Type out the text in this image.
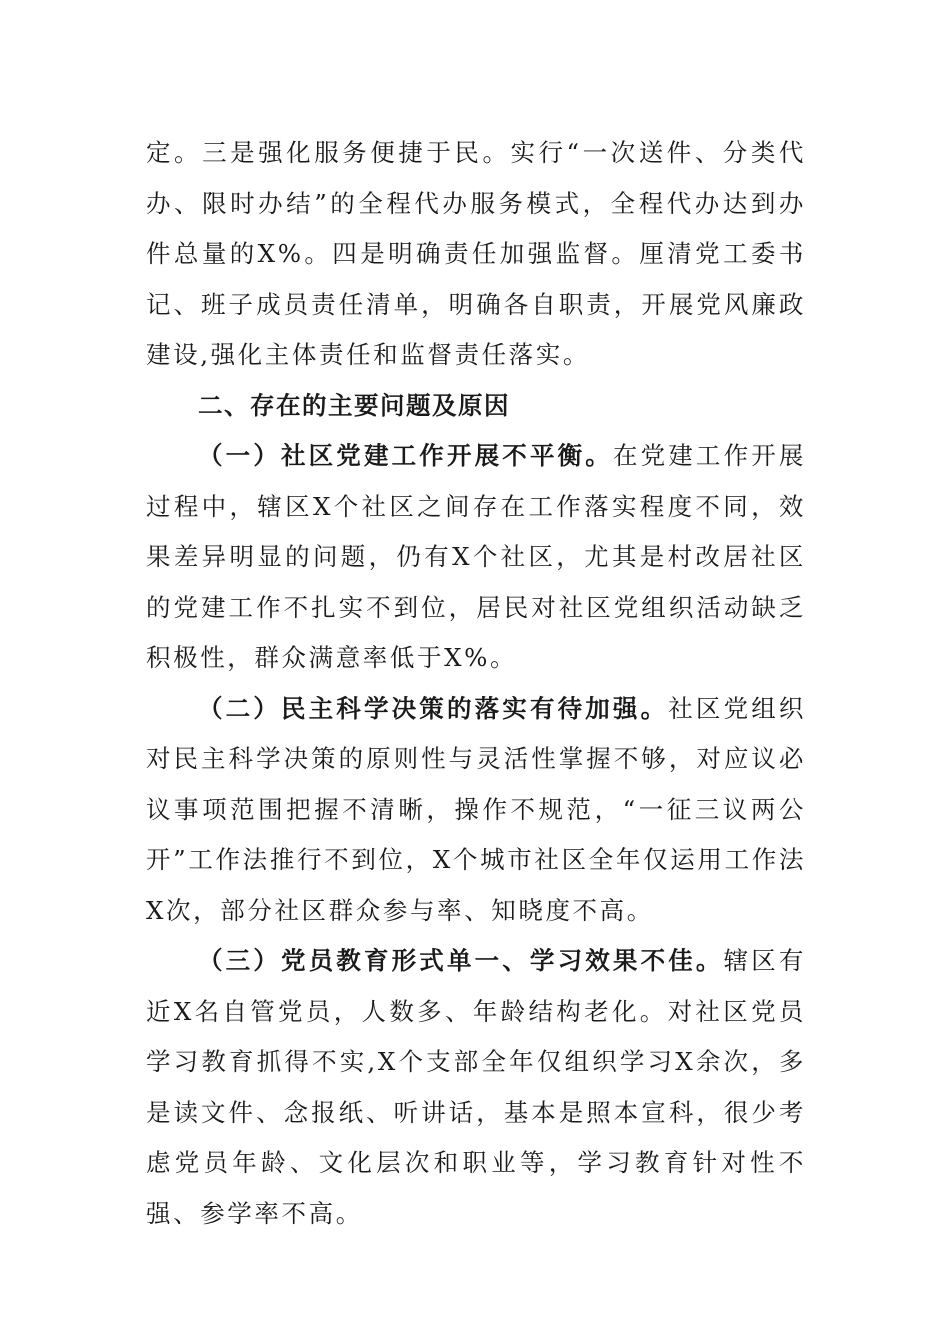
定。三是强化服务便捷于民。实行“一次送件、分类代办、限时办结”的全程代办服务模式，全程代办达到办件总量的X%。四是明确责任加强监督。厘清党工委书记、班子成员责任清单，明确各自职责，开展党风廉政建设,强化主体责任和监督责任落实。

二、存在的主要问题及原因

（一）社区党建工作开展不平衡。在党建工作开展过程中，辖区X个社区之间存在工作落实程度不同，效果差异明显的问题，仍有X个社区，尤其是村改居社区的党建工作不扎实不到位，居民对社区党组织活动缺乏积极性，群众满意率低于X%。

（二）民主科学决策的落实有待加强。社区党组织对民主科学决策的原则性与灵活性掌握不够，对应议必议事项范围把握不清晰，操作不规范，“一征三议两公开”工作法推行不到位，X个城市社区全年仅运用工作法X次，部分社区群众参与率、知晓度不高。

（三）党员教育形式单一、学习效果不佳。辖区有近X名自管党员，人数多、年龄结构老化。对社区党员学习教育抓得不实,X个支部全年仅组织学习X余次，多是读文件、念报纸、听讲话，基本是照本宣科，很少考虑党员年龄、文化层次和职业等，学习教育针对性不强、参学率不高。
